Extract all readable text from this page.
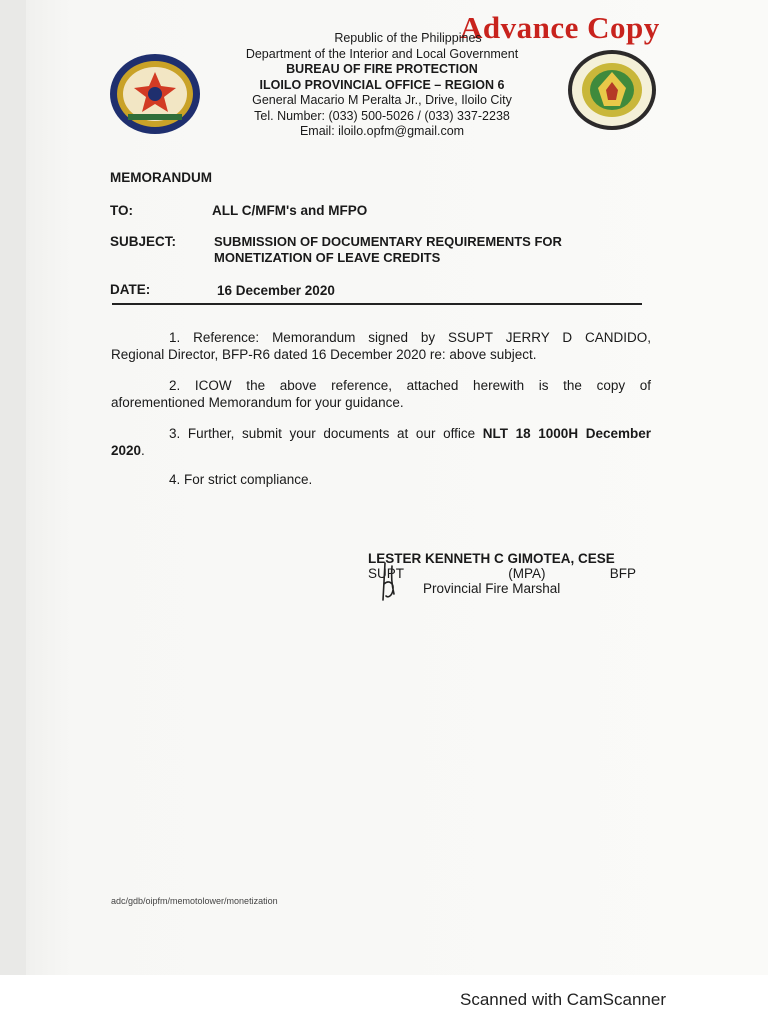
Advance Copy
Republic of the Philippines
Department of the Interior and Local Government
BUREAU OF FIRE PROTECTION
ILOILO PROVINCIAL OFFICE – REGION 6
General Macario M Peralta Jr., Drive, Iloilo City
Tel. Number: (033) 500-5026 / (033) 337-2238
Email: iloilo.opfm@gmail.com
MEMORANDUM
TO:	ALL C/MFM's and MFPO
SUBJECT:	SUBMISSION OF DOCUMENTARY REQUIREMENTS FOR
MONETIZATION OF LEAVE CREDITS
DATE:	16 December 2020
1. Reference: Memorandum signed by SSUPT JERRY D CANDIDO,
Regional Director, BFP-R6 dated 16 December 2020 re: above subject.
2. ICOW the above reference, attached herewith is the copy of
aforementioned Memorandum for your guidance.
3. Further, submit your documents at our office NLT 18 1000H December
2020.
4. For strict compliance.
LESTER KENNETH C GIMOTEA, CESE
SUPT	(MPA)	BFP
Provincial Fire Marshal
adc/gdb/oipfm/memotolower/monetization
Scanned with CamScanner
